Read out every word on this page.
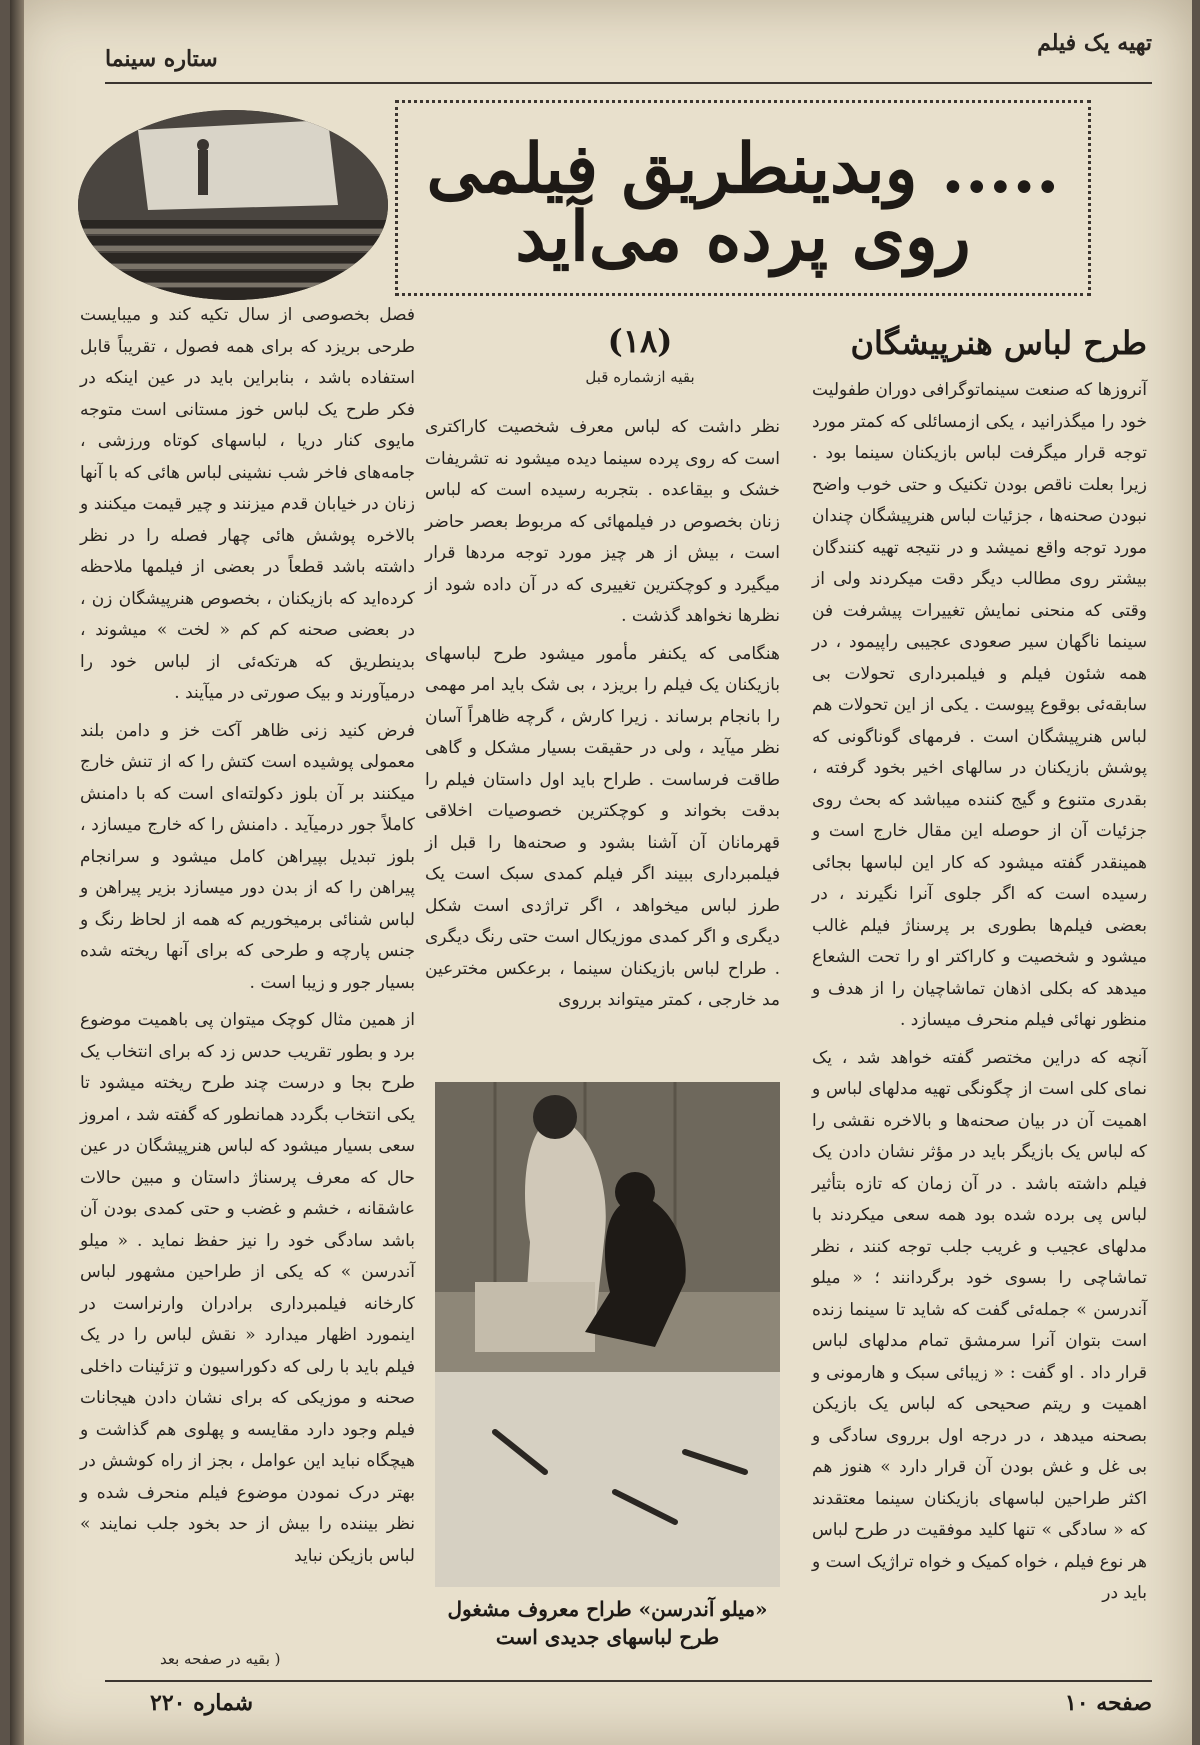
تهیه یک فیلم
ستاره سینما
..... وبدینطریق فیلمی روی پرده می‌آید
طرح لباس هنرپیشگان
(۱۸)
بقیه ازشماره قبل

آنروزها که صنعت سینماتوگرافی دوران طفولیت خود را میگذرانید ، یکی ازمسائلی که کمتر مورد توجه قرار میگرفت لباس بازیکنان سینما بود . زیرا بعلت ناقص بودن تکنیک و حتی خوب واضح نبودن صحنه‌ها ، جزئیات لباس هنرپیشگان چندان مورد توجه واقع نمیشد و در نتیجه تهیه کنندگان بیشتر روی مطالب دیگر دقت میکردند ولی از وقتی که منحنی نمایش تغییرات پیشرفت فن سینما ناگهان سیر صعودی عجیبی راپیمود ، در همه شئون فیلم و فیلمبرداری تحولات بی سابقه‌ئی بوقوع پیوست . یکی از این تحولات هم لباس هنرپیشگان است . فرمهای گوناگونی که پوشش بازیکنان در سالهای اخیر بخود گرفته ، بقدری متنوع و گیج کننده میباشد که بحث روی جزئیات آن از حوصله این مقال خارج است و همینقدر گفته میشود که کار این لباسها بجائی رسیده است که اگر جلوی آنرا نگیرند ، در بعضی فیلم‌ها بطوری بر پرسناژ فیلم غالب میشود و شخصیت و کاراکتر او را تحت الشعاع میدهد که بکلی اذهان تماشاچیان را از هدف و منظور نهائی فیلم منحرف میسازد .

آنچه که دراین مختصر گفته خواهد شد ، یک نمای کلی است از چگونگی تهیه مدلهای لباس و اهمیت آن در بیان صحنه‌ها و بالاخره نقشی را که لباس یک بازیگر باید در مؤثر نشان دادن یک فیلم داشته باشد . در آن زمان که تازه بتأثیر لباس پی برده شده بود همه سعی میکردند با مدلهای عجیب و غریب جلب توجه کنند ، نظر تماشاچی را بسوی خود برگردانند ؛ « میلو آندرسن » جمله‌ئی گفت که شاید تا سینما زنده است بتوان آنرا سرمشق تمام مدلهای لباس قرار داد . او گفت : « زیبائی سبک و هارمونی و اهمیت و ریتم صحیحی که لباس یک بازیکن بصحنه میدهد ، در درجه اول برروی سادگی و بی غل و غش بودن آن قرار دارد » هنوز هم اکثر طراحین لباسهای بازیکنان سینما معتقدند که « سادگی » تنها کلید موفقیت در طرح لباس هر نوع فیلم ، خواه کمیک و خواه تراژیک است و باید در

نظر داشت که لباس معرف شخصیت کاراکتری است که روی پرده سینما دیده میشود نه تشریفات خشک و بیقاعده . بتجربه رسیده است که لباس زنان بخصوص در فیلمهائی که مربوط بعصر حاضر است ، بیش از هر چیز مورد توجه مردها قرار میگیرد و کوچکترین تغییری که در آن داده شود از نظرها نخواهد گذشت .

هنگامی که یکنفر مأمور میشود طرح لباسهای بازیکنان یک فیلم را بریزد ، بی شک باید امر مهمی را بانجام برساند . زیرا کارش ، گرچه ظاهراً آسان نظر میآید ، ولی در حقیقت بسیار مشکل و گاهی طاقت فرساست . طراح باید اول داستان فیلم را بدقت بخواند و کوچکترین خصوصیات اخلاقی قهرمانان آن آشنا بشود و صحنه‌ها را قبل از فیلمبرداری ببیند اگر فیلم کمدی سبک است یک طرز لباس میخواهد ، اگر تراژدی است شکل دیگری و اگر کمدی موزیکال است حتی رنگ دیگری . طراح لباس بازیکنان سینما ، برعکس مخترعین مد خارجی ، کمتر میتواند برروی

فصل بخصوصی از سال تکیه کند و میبایست طرحی بریزد که برای همه فصول ، تقریباً قابل استفاده باشد ، بنابراین باید در عین اینکه در فکر طرح یک لباس خوز مستانی است متوجه مایوی کنار دریا ، لباسهای کوتاه ورزشی ، جامه‌های فاخر شب نشینی لباس هائی که با آنها زنان در خیابان قدم میزنند و چیر قیمت میکنند و بالاخره پوشش هائی چهار فصله را در نظر داشته باشد قطعاً در بعضی از فیلمها ملاحظه کرده‌اید که بازیکنان ، بخصوص هنرپیشگان زن ، در بعضی صحنه کم کم « لخت » میشوند ، بدینطریق که هرتکه‌ئی از لباس خود را درمیآورند و بیک صورتی در میآیند .

فرض کنید زنی ظاهر آکت خز و دامن بلند معمولی پوشیده است کتش را که از تنش خارج میکنند بر آن بلوز دکولته‌ای است که با دامنش کاملاً جور درمیآید . دامنش را که خارج میسازد ، بلوز تبدیل بپیراهن کامل میشود و سرانجام پیراهن را که از بدن دور میسازد بزیر پیراهن و لباس شنائی برمیخوریم که همه از لحاظ رنگ و جنس پارچه و طرحی که برای آنها ریخته شده بسیار جور و زیبا است .

از همین مثال کوچک میتوان پی باهمیت موضوع برد و بطور تقریب حدس زد که برای انتخاب یک طرح بجا و درست چند طرح ریخته میشود تا یکی انتخاب بگردد همانطور که گفته شد ، امروز سعی بسیار میشود که لباس هنرپیشگان در عین حال که معرف پرسناژ داستان و مبین حالات عاشقانه ، خشم و غضب و حتی کمدی بودن آن باشد سادگی خود را نیز حفظ نماید . « میلو آندرسن » که یکی از طراحین مشهور لباس کارخانه فیلمبرداری برادران وارنراست در اینمورد اظهار میدارد « نقش لباس را در یک فیلم باید با رلی که دکوراسیون و تزئینات داخلی صحنه و موزیکی که برای نشان دادن هیجانات فیلم وجود دارد مقایسه و پهلوی هم گذاشت و هیچگاه نباید این عوامل ، بجز از راه کوشش در بهتر درک نمودن موضوع فیلم منحرف شده و نظر بیننده را بیش از حد بخود جلب نمایند » لباس بازیکن نباید

«میلو آندرسن» طراح معروف مشغول طرح لباسهای جدیدی است
( بقیه در صفحه بعد
صفحه ۱۰
شماره ۲۲۰
